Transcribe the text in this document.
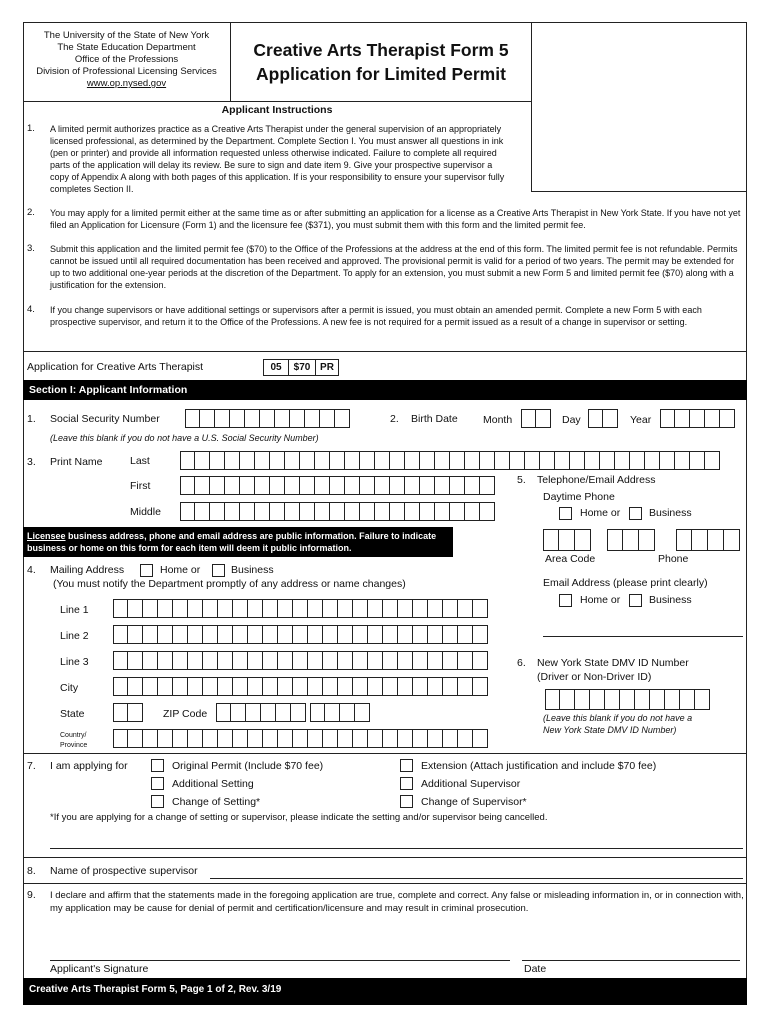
The University of the State of New York
The State Education Department
Office of the Professions
Division of Professional Licensing Services
www.op.nysed.gov
Creative Arts Therapist Form 5
Application for Limited Permit
Applicant Instructions
1. A limited permit authorizes practice as a Creative Arts Therapist under the general supervision of an appropriately licensed professional, as determined by the Department. Complete Section I. You must answer all questions in ink (pen or printer) and provide all information requested unless otherwise indicated. Failure to complete all required parts of the application will delay its review. Be sure to sign and date item 9. Give your prospective supervisor a copy of Appendix A along with both pages of this application. If is your responsibility to ensure your supervisor fully completes Section II.
2. You may apply for a limited permit either at the same time as or after submitting an application for a license as a Creative Arts Therapist in New York State. If you have not yet filed an Application for Licensure (Form 1) and the licensure fee ($371), you must submit them with this form and the limited permit fee.
3. Submit this application and the limited permit fee ($70) to the Office of the Professions at the address at the end of this form. The limited permit fee is not refundable. Permits cannot be issued until all required documentation has been received and approved. The provisional permit is valid for a period of two years. The permit may be extended for up to two additional one-year periods at the discretion of the Department. To apply for an extension, you must submit a new Form 5 and limited permit fee ($70) along with a justification for the extension.
4. If you change supervisors or have additional settings or supervisors after a permit is issued, you must obtain an amended permit. Complete a new Form 5 with each prospective supervisor, and return it to the Office of the Professions. A new fee is not required for a permit issued as a result of a change in supervisor or setting.
Application for Creative Arts Therapist	05	$70 PR
Section I: Applicant Information
1. Social Security Number
(Leave this blank if you do not have a U.S. Social Security Number)
2. Birth Date Month	Day	Year
3. Print Name	Last
First
Middle
Licensee business address, phone and email address are public information. Failure to indicate business or home on this form for each item will deem it public information.
4. Mailing Address	Home or	Business
(You must notify the Department promptly of any address or name changes)
Line 1
Line 2
Line 3
City
State	ZIP Code
Country/
Province
5. Telephone/Email Address
Daytime Phone
Home or	Business
Area Code	Phone
Email Address (please print clearly)
Home or	Business
6. New York State DMV ID Number
(Driver or Non-Driver ID)
(Leave this blank if you do not have a
New York State DMV ID Number)
7. I am applying for	Original Permit (Include $70 fee)
Additional Setting
Change of Setting*
Extension (Attach justification and include $70 fee)
Additional Supervisor
Change of Supervisor*
*If you are applying for a change of setting or supervisor, please indicate the setting and/or supervisor being cancelled.
8. Name of prospective supervisor
9. I declare and affirm that the statements made in the foregoing application are true, complete and correct. Any false or misleading information in, or in connection with, my application may be cause for denial of permit and certification/licensure and may result in criminal prosecution.
Applicant's Signature	Date
Creative Arts Therapist Form 5, Page 1 of 2, Rev. 3/19
